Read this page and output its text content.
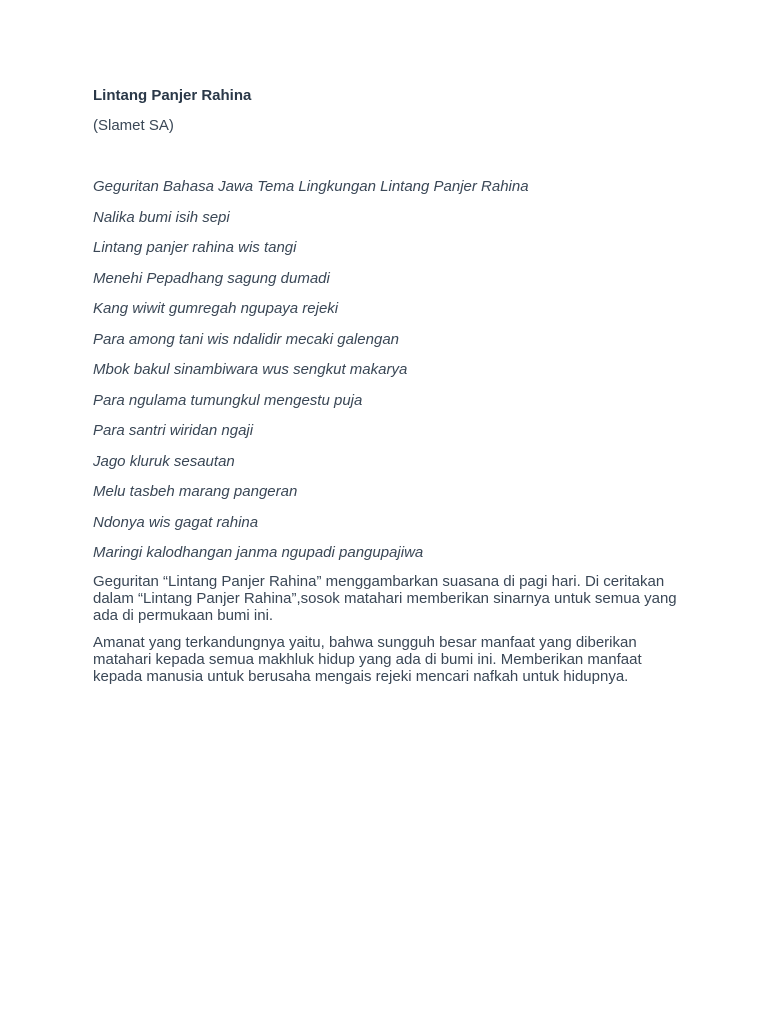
Lintang Panjer Rahina

(Slamet SA)

Geguritan Bahasa Jawa Tema Lingkungan Lintang Panjer Rahina
Nalika bumi isih sepi
Lintang panjer rahina wis tangi
Menehi Pepadhang sagung dumadi
Kang wiwit gumregah ngupaya rejeki
Para among tani wis ndalidir mecaki galengan
Mbok bakul sinambiwara wus sengkut makarya
Para ngulama tumungkul mengestu puja
Para santri wiridan ngaji
Jago kluruk sesautan
Melu tasbeh marang pangeran
Ndonya wis gagat rahina
Maringi kalodhangan janma ngupadi pangupajiwa

Geguritan “Lintang Panjer Rahina” menggambarkan suasana di pagi hari. Di ceritakan dalam “Lintang Panjer Rahina”,sosok matahari memberikan sinarnya untuk semua yang ada di permukaan bumi ini.

Amanat yang terkandungnya yaitu, bahwa sungguh besar manfaat yang diberikan matahari kepada semua makhluk hidup yang ada di bumi ini. Memberikan manfaat kepada manusia untuk berusaha mengais rejeki mencari nafkah untuk hidupnya.
